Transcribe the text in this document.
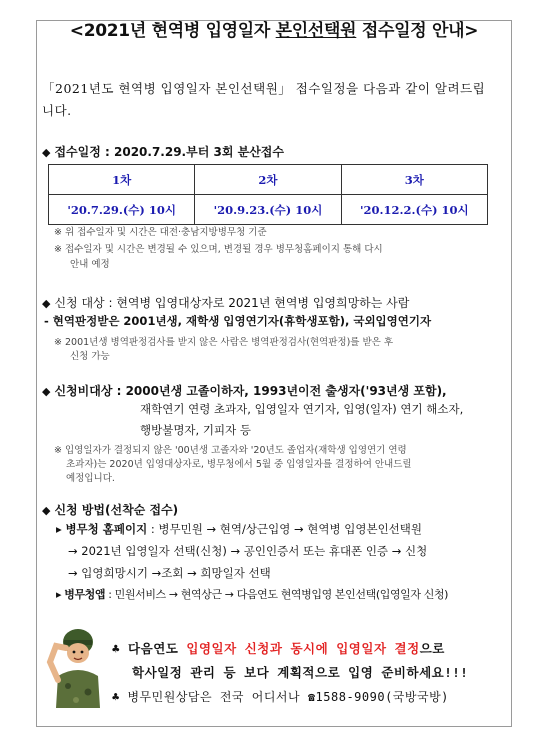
<2021년 현역병 입영일자 본인선택원 접수일정 안내>
「2021년도 현역병 입영일자 본인선택원」 접수일정을 다음과 같이 알려드립니다.
◆ 접수일정 : 2020.7.29.부터 3회 분산접수
1차	2차	3차
'20.7.29.(수) 10시	'20.9.23.(수) 10시	'20.12.2.(수) 10시
※ 위 접수일자 및 시간은 대전·충남지방병무청 기준
※ 접수일자 및 시간은 변경될 수 있으며, 변경될 경우 병무청홈페이지 통해 다시
안내 예정
◆ 신청 대상 : 현역병 입영대상자로 2021년 현역병 입영희망하는 사람
- 현역판정받은 2001년생, 재학생 입영연기자(휴학생포함), 국외입영연기자
※ 2001년생 병역판정검사를 받지 않은 사람은 병역판정검사(현역판정)를 받은 후
신청 가능
◆ 신청비대상 : 2000년생 고졸이하자, 1993년이전 출생자('93년생 포함),
재학연기 연령 초과자, 입영일자 연기자, 입영(일자) 연기 해소자,
행방불명자, 기피자 등
※ 입영일자가 결정되지 않은 '00년생 고졸자와 '20년도 졸업자(재학생 입영연기 연령
초과자)는 2020년 입영대상자로, 병무청에서 5월 중 입영일자를 결정하여 안내드릴
예정입니다.
◆ 신청 방법(선착순 접수)
▸ 병무청 홈페이지 : 병무민원 → 현역/상근입영 → 현역병 입영본인선택원
→ 2021년 입영일자 선택(신청) → 공인인증서 또는 휴대폰 인증 → 신청
→ 입영희망시기 →조회 → 희망일자 선택
▸ 병무청앱 : 민원서비스 → 현역상근 → 다음연도 현역병입영 본인선택(입영일자 신청)
♣ 다음연도 입영일자 신청과 동시에 입영일자 결정으로
학사일정 관리 등 보다 계획적으로 입영 준비하세요!!!
♣ 병무민원상담은 전국 어디서나 ☎1588-9090(국방국방)
